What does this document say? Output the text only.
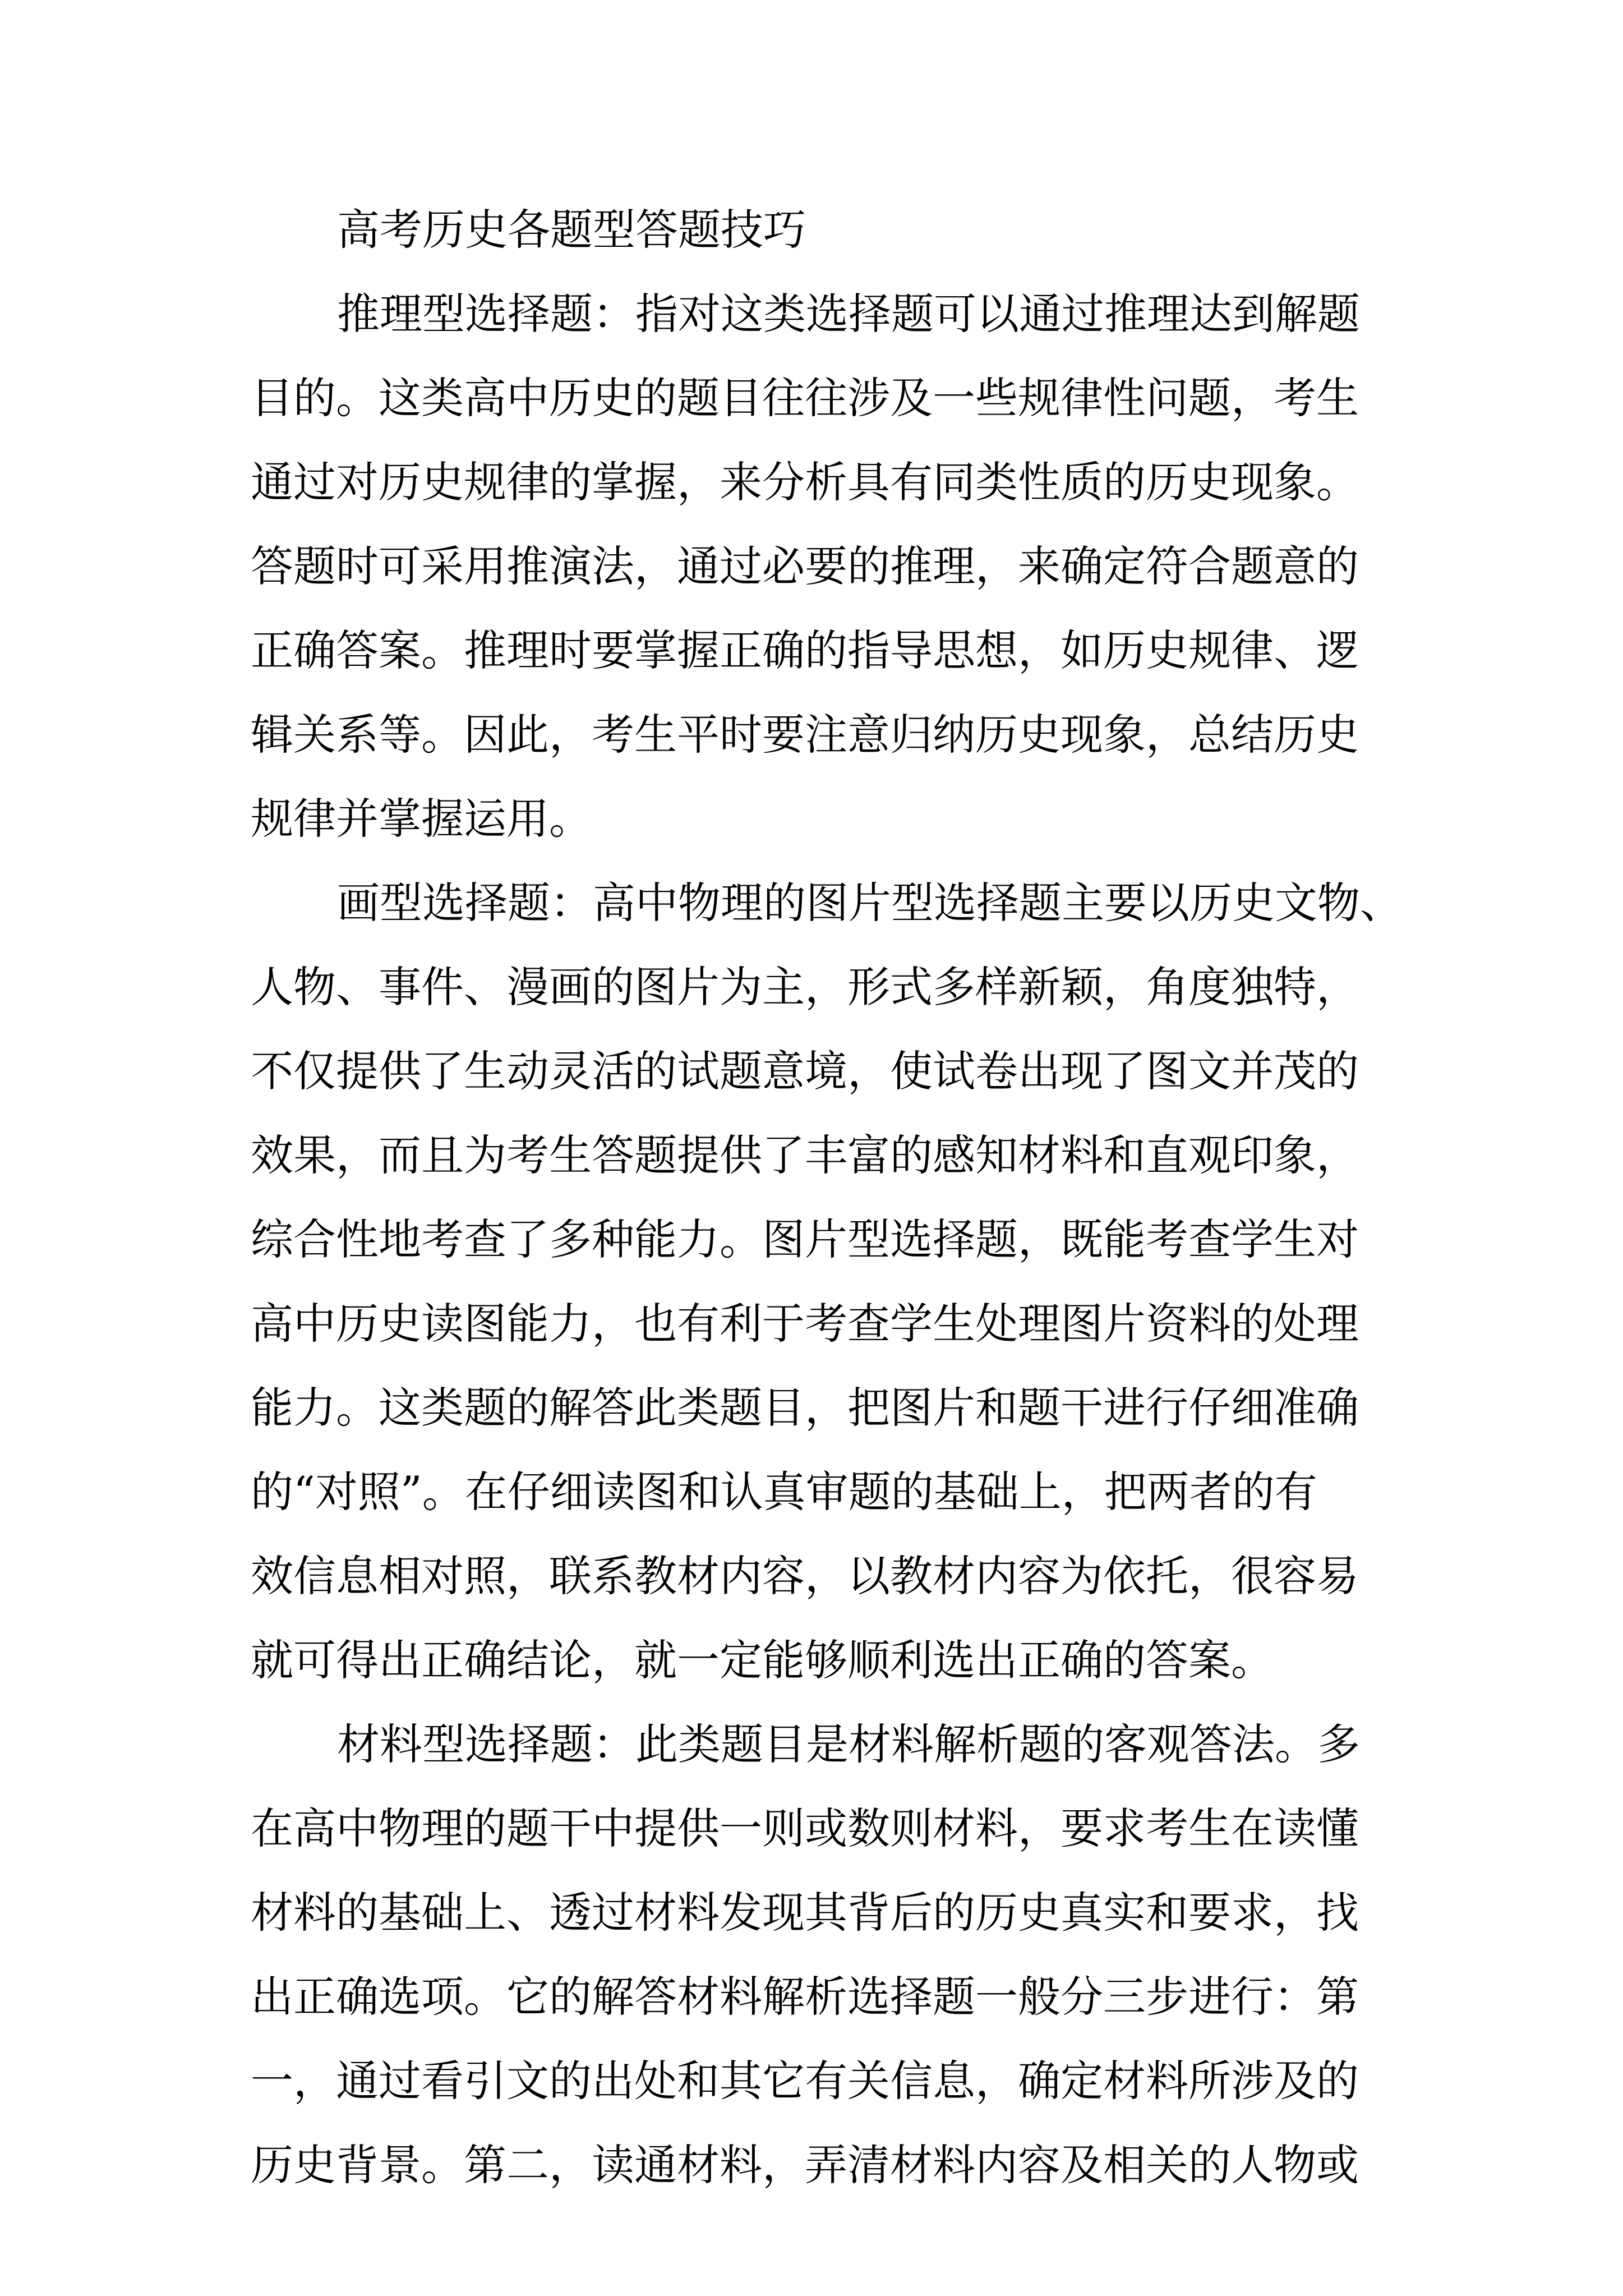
高考历史各题型答题技巧
推理型选择题：指对这类选择题可以通过推理达到解题
目的。这类高中历史的题目往往涉及一些规律性问题，考生
通过对历史规律的掌握，来分析具有同类性质的历史现象。
答题时可采用推演法，通过必要的推理，来确定符合题意的
正确答案。推理时要掌握正确的指导思想，如历史规律、逻
辑关系等。因此，考生平时要注意归纳历史现象，总结历史
规律并掌握运用。
画型选择题：高中物理的图片型选择题主要以历史文物、
人物、事件、漫画的图片为主，形式多样新颖，角度独特，
不仅提供了生动灵活的试题意境，使试卷出现了图文并茂的
效果，而且为考生答题提供了丰富的感知材料和直观印象，
综合性地考查了多种能力。图片型选择题，既能考查学生对
高中历史读图能力，也有利于考查学生处理图片资料的处理
能力。这类题的解答此类题目，把图片和题干进行仔细准确
的“对照”。在仔细读图和认真审题的基础上，把两者的有
效信息相对照，联系教材内容，以教材内容为依托，很容易
就可得出正确结论，就一定能够顺利选出正确的答案。
材料型选择题：此类题目是材料解析题的客观答法。多
在高中物理的题干中提供一则或数则材料，要求考生在读懂
材料的基础上、透过材料发现其背后的历史真实和要求，找
出正确选项。它的解答材料解析选择题一般分三步进行：第
一，通过看引文的出处和其它有关信息，确定材料所涉及的
历史背景。第二，读通材料，弄清材料内容及相关的人物或
